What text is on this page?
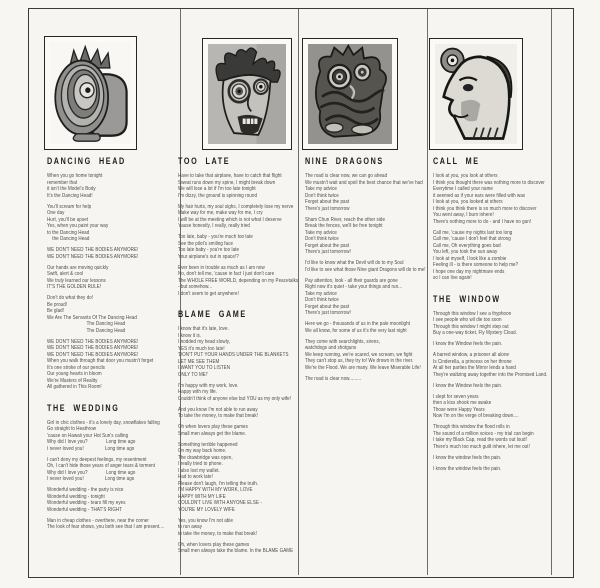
DANCING  HEAD
When you go home tonight
remember that
it isn't the Model's Body
It's the Dancing Head!
You'll scream for help
One day
Hurt, you'll be upset
Yes, when you paint your way
to the Dancing Head
the Dancing Head
WE DON'T NEED THE BODIES ANYMORE!
WE DON'T NEED THE BODIES ANYMORE!
Our hands are moving quickly
Swift, alert & cool
We truly learned our lessons
IT'S THE GOLDEN RULE!
Don't do what they do!
Be proud!
Be glad!
We Are The Servants Of The Dancing Head
The Dancing Head
The Dancing Head
WE DON'T NEED THE BODIES ANYMORE!
WE DON'T NEED THE BODIES ANYMORE!
WE DON'T NEED THE BODIES ANYMORE!
When you walk through that door you mustn't forget
It's one stroke of our pencils
Our young hearts in bloom
We're Masters of Reality
All gathered in This Room!
THE  WEDDING
Girl in chic clothes - it's a lonely day, snowflakes falling
Go straight to Heathrow
'cause on Hawaii your Hot Sun's calling
Why did I love you?              Long time ago
I never loved you!                Long time ago
I can't deny my deepest feelings, my resentment
Oh, I can't hide those years of anger tears & torment
Why did I love you?              Long time ago
I never loved you!                Long time ago
Wonderful wedding - the party is nice
Wonderful wedding - tonight
Wonderful wedding - tears fill my eyes
Wonderful wedding - THAT'S RIGHT
Man in cheap clothes - overthere, near the corner
The look of fear shows, you both see that I am present....
TOO  LATE
Have to take that airplane, have to catch that flight
Sweat runs down my spine, I might break down
We will lose a lot if I'm too late tonight
I'm dizzy, the ground is spinning round
My hair hurts, my soul sighs, I completely lose my nerve
Make way for me, make way for me, I cry
I will be at the meeting which is not what I deserve
'cause honestly, I really, really tried
Too late, baby - you're much too late
See the pilot's smiling face
Too late baby - you're too late
Your airplane's out in space!?
Ever been in trouble as much as I am now
No, don't tell me, 'cause in fact I just don't care
The WHOLE FREE WORLD, depending on my Peacetalks
- but somehow...
I don't seem to get anywhere!
BLAME  GAME
I know that it's late, love.
I know it is.
I nodded my head slowly,
YES it's much too late!
'DON'T PUT YOUR HANDS UNDER THE BLANKETS
LET ME SEE THEM
I WANT YOU TO LISTEN
ONLY TO ME!'
I'm happy with my work, love.
Happy with my life.
Couldn't think of anyone else but YOU as my only wife!
And you know I'm not able to run away
To take the money, to make that break!
Oh when lovers play these games
Small men always get the blame.
Something terrible happened
On my way back home.
The drawbridge was open,
I really tried to phone.
I also lost my wallet.
Had to work late!
Please don't laugh, I'm telling the truth.
I'M HAPPY WITH MY WORK, LOVE
HAPPY WITH MY LIFE
COULDN'T LIVE WITH ANYONE ELSE -
YOU'RE MY LOVELY WIFE
Yes, you know I'm not able
to run away
to take the money, to make that break!
Oh, when lovers play these games
Small men always take the blame. In the BLAME GAME
NINE  DRAGONS
The road is clear now, we can go ahead
We mustn't wait and spoil the best chance that we've had
Take my advice
Don't think twice
Forget about the past
There's just tomorrow
Sham Chun River, reach the other side
Break the fences, we'll be free tonight
Take my advice
Don't think twice
Forget about the past
There's just tomorrow!
I'd like to know what the Devil will do to my Soul
I'd like to see what those Nine giant Dragons will do to me!
Pay attention, look - all their guards are gone
Right now it's quiet - take your things and run...
Take my advice
Don't think twice
Forget about the past
There's just tomorrow!
Here we go - thousands of us in the pale moonlight
We all know, for some of us it's the very last night
They come with searchlights, sirens,
watchdogs and shotguns
We keep running, we're scared, we scream, we fight
They can't stop us, they try to! We drown in the river.
We're the Flood. We are many. We leave Miserable Life!
The road is clear now.........
CALL  ME
I look at you, you look at others
I think you thought there was nothing more to discover
Everytime I called your name
it seemed as if your ears were filled with wax
I look at you, you looked at others
I think you think there is so much more to discover
You went away, I burn inhere!
There's nothing more to do - and I have no gun!
Call me, 'cause my nights last too long
Call me, 'cause I don't feel that strong
Call me, Oh everything goes bad
You left, you took the sun away
I look at myself, I look like a zombie
Feeling ill - is there someone to help me?
I hope one day my nightmare ends
so I can live again!
THE  WINDOW
Through this window I see a thyphoon
I see people who wil die too soon
Through this window I might step out
Buy a one-way ticket, Fly Mystery Cloud.
I know the Window feels the pain.
A barred window, a prisoner all alone
Is Cinderella, a princess on her throne
At all her parties the Mirror lends a hand
They're waltzing away together into the Promised Land.
I know the Window feels the pain.
I slept for seven years
then a kiss shook me awake
Those were Happy Years
Now I'm on the verge of breaking down....
Through this window the flood rolls in
The sound of a million voices - my trial can begin
I take my Black Cap, read the words out loud!
There's much too much guilt inhere, let me out!
I know the window feels the pain.
I know the window feels the pain.
